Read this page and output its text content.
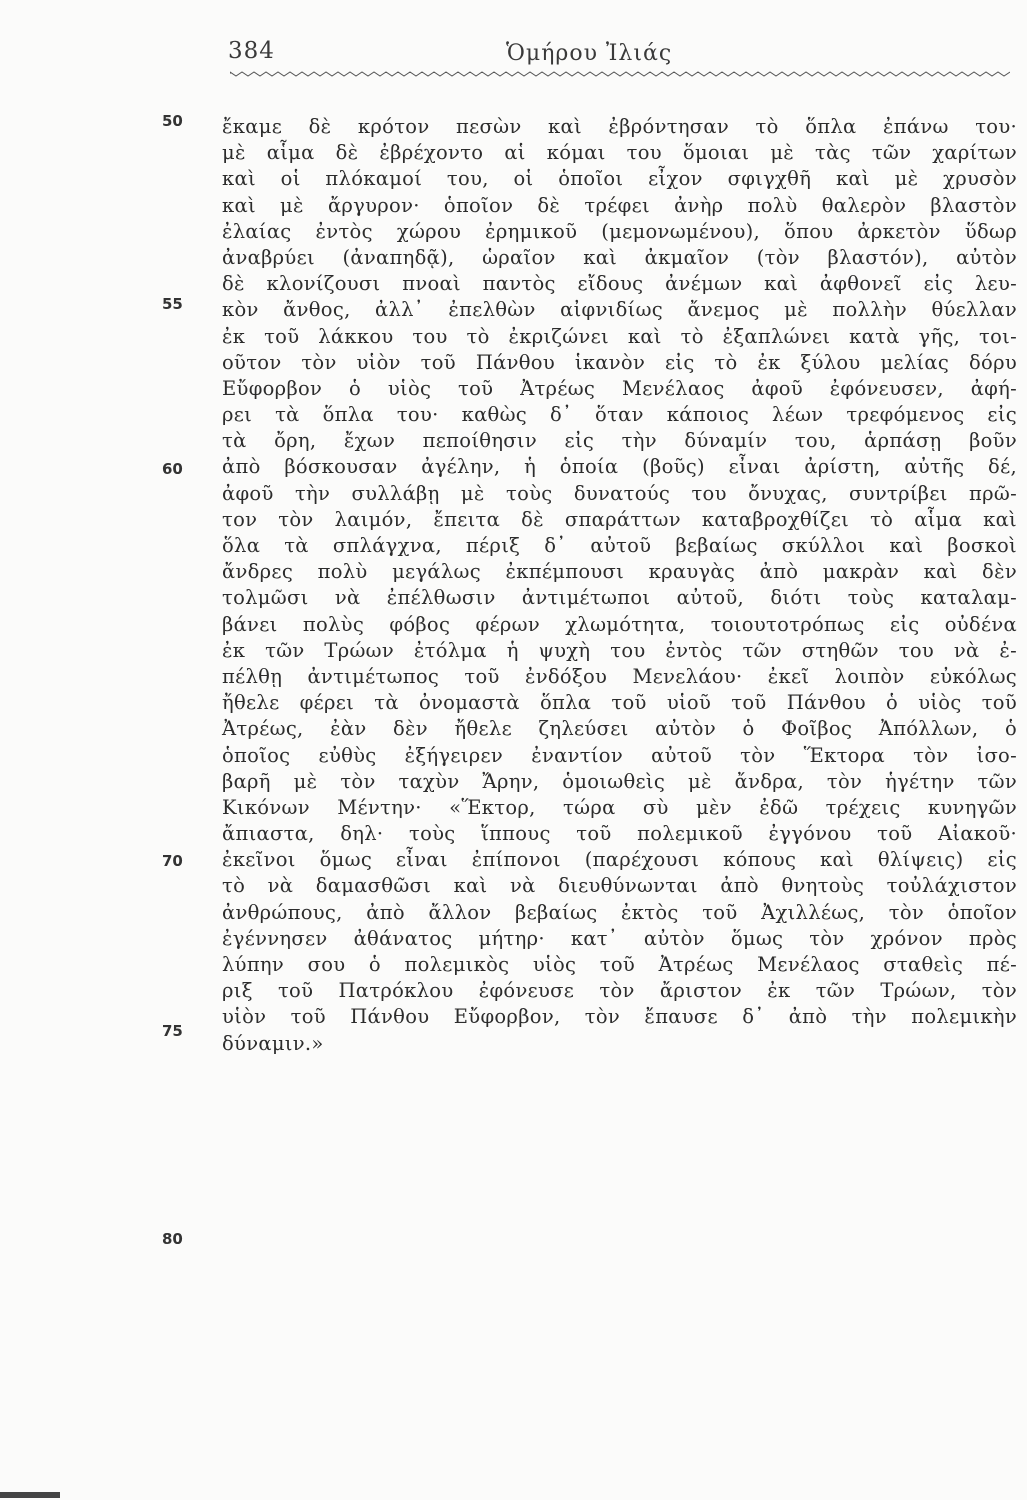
384	Ὁμήρου Ἰλιάς
50
55
60
70
75
80
ἔκαμε δὲ κρότον πεσὼν καὶ ἐβρόντησαν τὸ ὅπλα ἐπάνω του·
μὲ αἷμα δὲ ἐβρέχοντο αἱ κόμαι του ὅμοιαι μὲ τὰς τῶν χαρίτων
καὶ οἱ πλόκαμοί του, οἱ ὁποῖοι εἶχον σφιγχθῆ καὶ μὲ χρυσὸν
καὶ μὲ ἄργυρον· ὁποῖον δὲ τρέφει ἀνὴρ πολὺ θαλερὸν βλαστὸν
ἐλαίας ἐντὸς χώρου ἐρημικοῦ (μεμονωμένου), ὅπου ἀρκετὸν ὕδωρ
ἀναβρύει (ἀναπηδᾷ), ὡραῖον καὶ ἀκμαῖον (τὸν βλαστόν), αὐτὸν
δὲ κλονίζουσι πνοαὶ παντὸς εἴδους ἀνέμων καὶ ἀφθονεῖ εἰς λευ-
κὸν ἄνθος, ἀλλ᾽ ἐπελθὼν αἰφνιδίως ἄνεμος μὲ πολλὴν θύελλαν
ἐκ τοῦ λάκκου του τὸ ἐκριζώνει καὶ τὸ ἐξαπλώνει κατὰ γῆς, τοι-
οῦτον τὸν υἱὸν τοῦ Πάνθου ἱκανὸν εἰς τὸ ἐκ ξύλου μελίας δόρυ
Εὔφορβον ὁ υἱὸς τοῦ Ἀτρέως Μενέλαος ἀφοῦ ἐφόνευσεν, ἀφή-
ρει τὰ ὅπλα του· καθὼς δ᾽ ὅταν κάποιος λέων τρεφόμενος εἰς
τὰ ὄρη, ἔχων πεποίθησιν εἰς τὴν δύναμίν του, ἁρπάσῃ βοῦν
ἀπὸ βόσκουσαν ἀγέλην, ἡ ὁποία (βοῦς) εἶναι ἀρίστη, αὐτῆς δέ,
ἀφοῦ τὴν συλλάβῃ μὲ τοὺς δυνατούς του ὄνυχας, συντρίβει πρῶ-
τον τὸν λαιμόν, ἔπειτα δὲ σπαράττων καταβροχθίζει τὸ αἷμα καὶ
ὅλα τὰ σπλάγχνα, πέριξ δ᾽ αὐτοῦ βεβαίως σκύλλοι καὶ βοσκοὶ
ἄνδρες πολὺ μεγάλως ἐκπέμπουσι κραυγὰς ἀπὸ μακρὰν καὶ δὲν
τολμῶσι νὰ ἐπέλθωσιν ἀντιμέτωποι αὐτοῦ, διότι τοὺς καταλαμ-
βάνει πολὺς φόβος φέρων χλωμότητα, τοιουτοτρόπως εἰς οὐδένα
ἐκ τῶν Τρώων ἐτόλμα ἡ ψυχὴ του ἐντὸς τῶν στηθῶν του νὰ ἐ-
πέλθῃ ἀντιμέτωπος τοῦ ἐνδόξου Μενελάου· ἐκεῖ λοιπὸν εὐκόλως
ἤθελε φέρει τὰ ὀνομαστὰ ὅπλα τοῦ υἱοῦ τοῦ Πάνθου ὁ υἱὸς τοῦ
Ἀτρέως, ἐὰν δὲν ἤθελε ζηλεύσει αὐτὸν ὁ Φοῖβος Ἀπόλλων, ὁ
ὁποῖος εὐθὺς ἐξήγειρεν ἐναντίον αὐτοῦ τὸν Ἕκτορα τὸν ἰσο-
βαρῆ μὲ τὸν ταχὺν Ἄρην, ὁμοιωθεὶς μὲ ἄνδρα, τὸν ἡγέτην τῶν
Κικόνων Μέντην· «Ἕκτορ, τώρα σὺ μὲν ἐδῶ τρέχεις κυνηγῶν
ἄπιαστα, δηλ· τοὺς ἵππους τοῦ πολεμικοῦ ἐγγόνου τοῦ Αἰακοῦ·
ἐκεῖνοι ὅμως εἶναι ἐπίπονοι (παρέχουσι κόπους καὶ θλίψεις) εἰς
τὸ νὰ δαμασθῶσι καὶ νὰ διευθύνωνται ἀπὸ θνητοὺς τοὐλάχιστον
ἀνθρώπους, ἀπὸ ἄλλον βεβαίως ἐκτὸς τοῦ Ἀχιλλέως, τὸν ὁποῖον
ἐγέννησεν ἀθάνατος μήτηρ· κατ᾽ αὐτὸν ὅμως τὸν χρόνον πρὸς
λύπην σου ὁ πολεμικὸς υἱὸς τοῦ Ἀτρέως Μενέλαος σταθεὶς πέ-
ριξ τοῦ Πατρόκλου ἐφόνευσε τὸν ἄριστον ἐκ τῶν Τρώων, τὸν
υἱὸν τοῦ Πάνθου Εὔφορβον, τὸν ἔπαυσε δ᾽ ἀπὸ τὴν πολεμικὴν
δύναμιν.»
